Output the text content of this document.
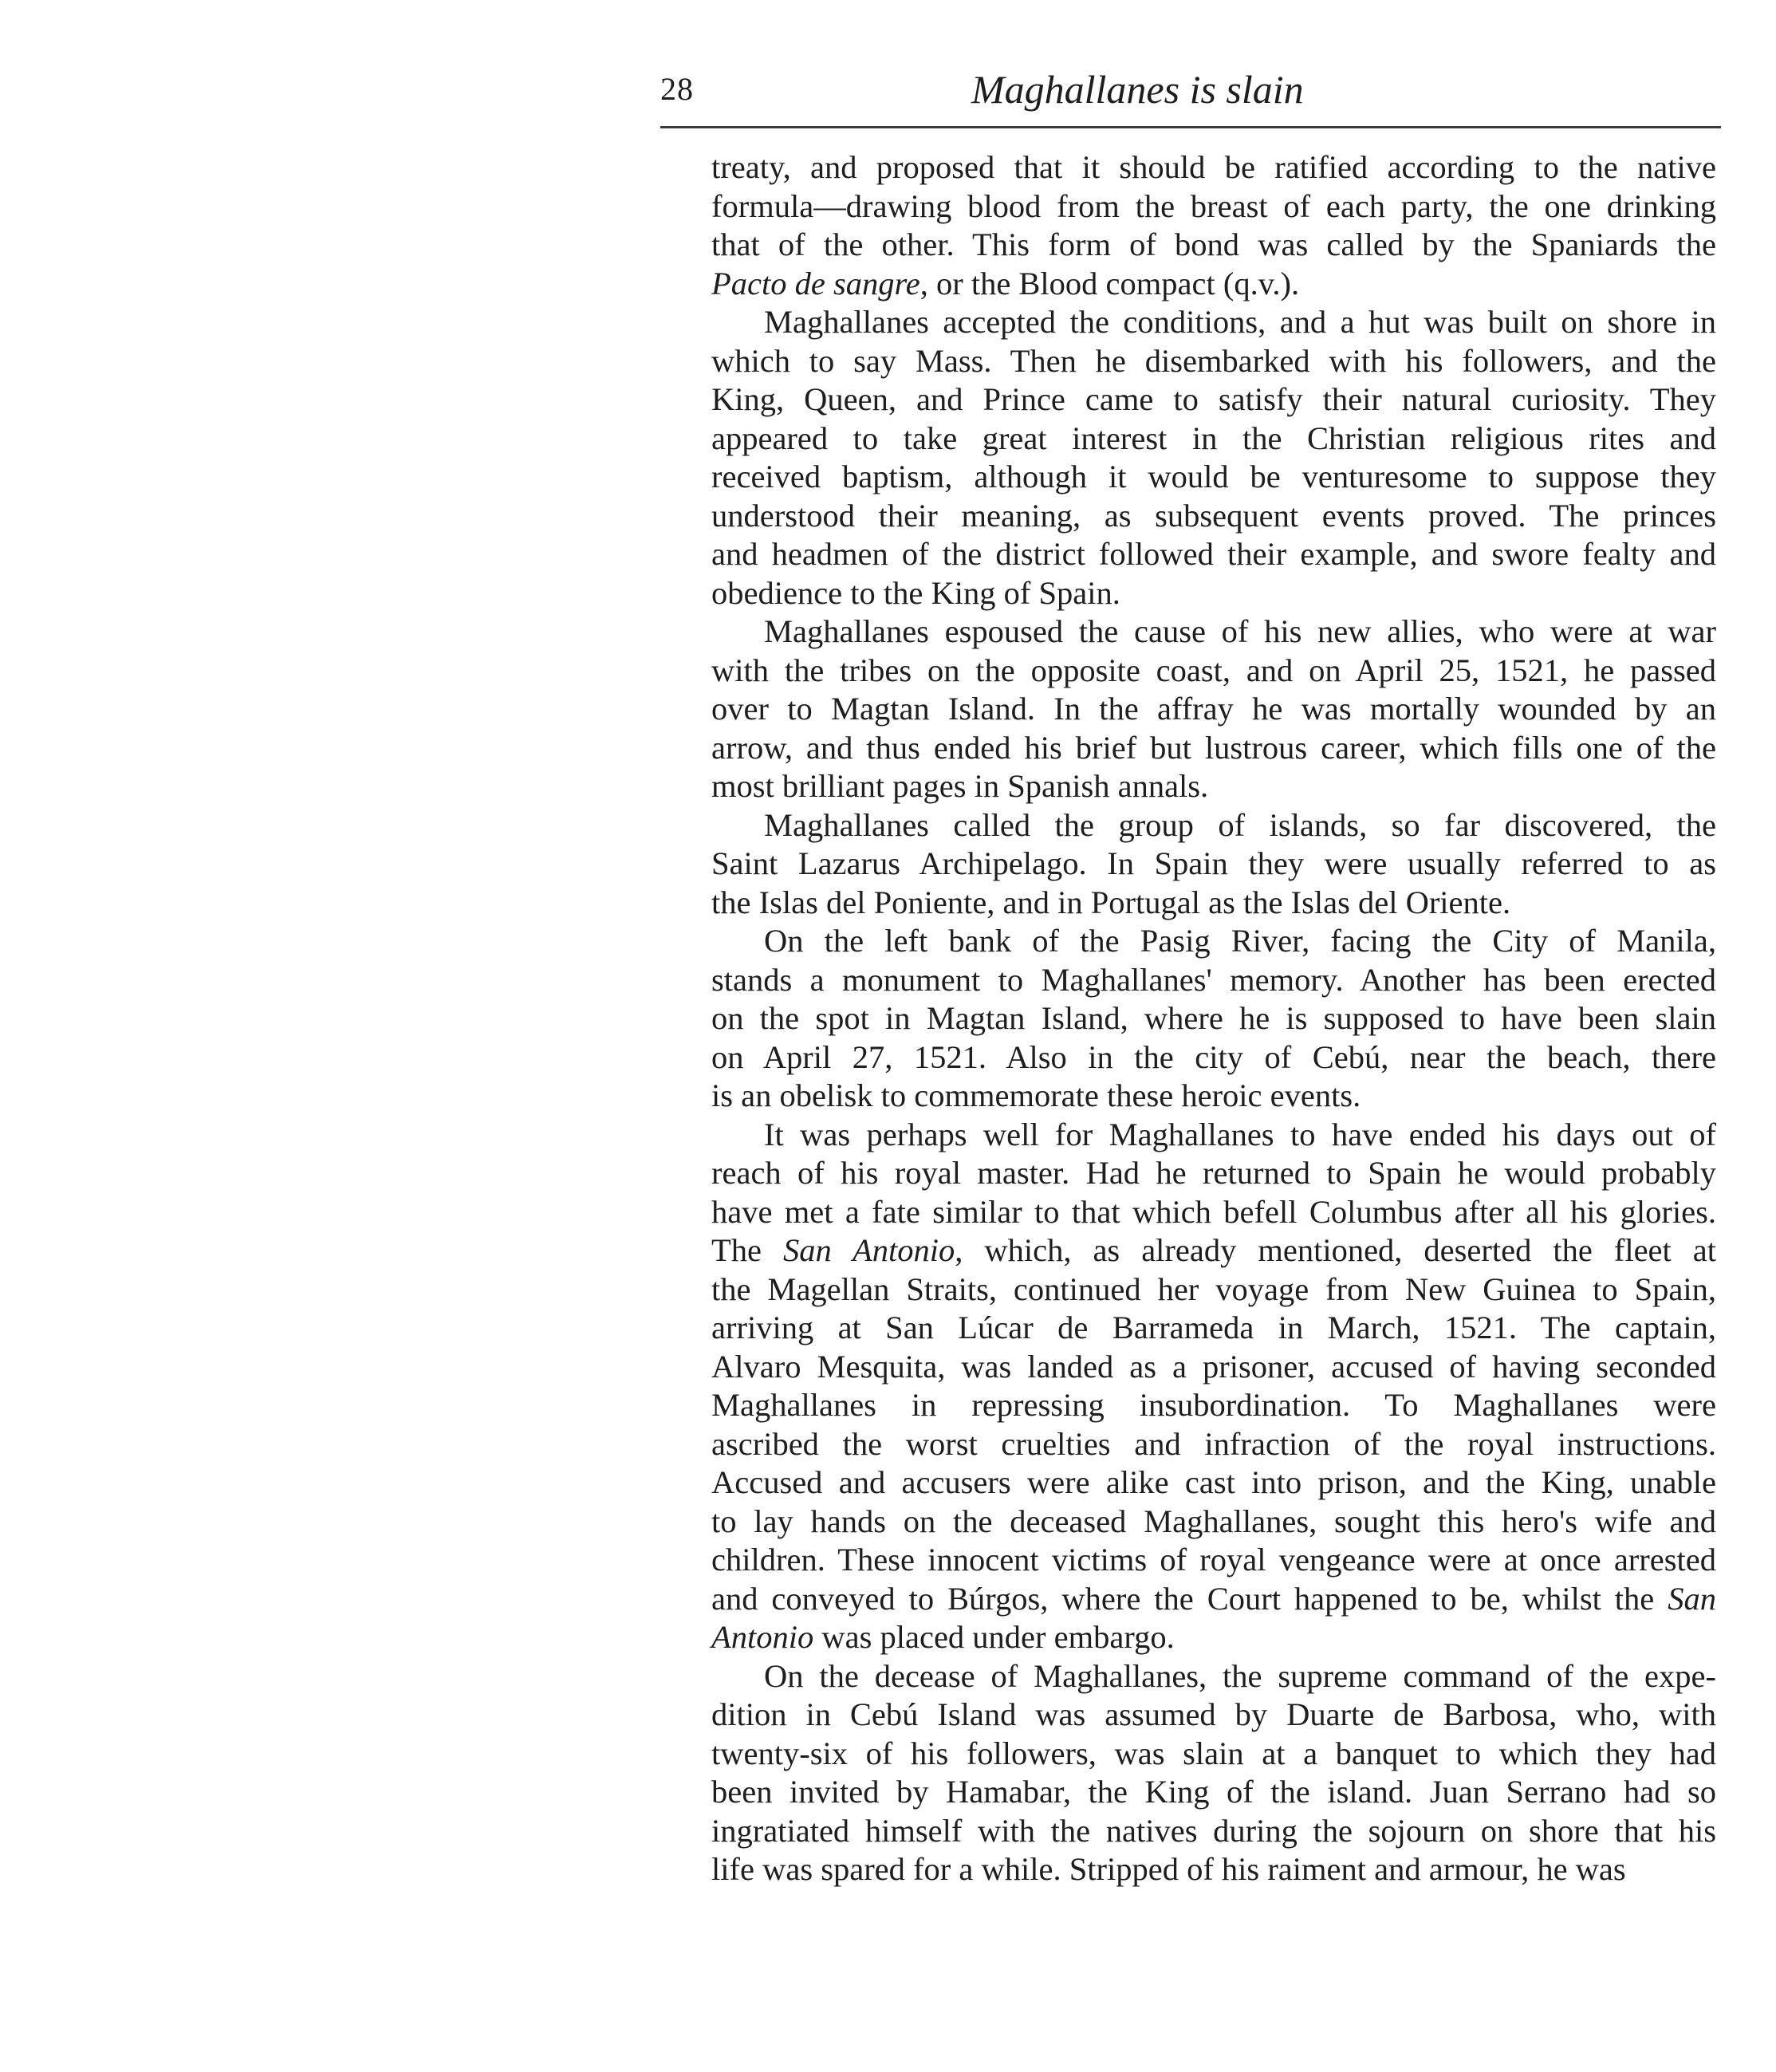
28	Maghallanes is slain
treaty, and proposed that it should be ratified according to the native
formula—drawing blood from the breast of each party, the one drinking
that of the other. This form of bond was called by the Spaniards the
Pacto de sangre, or the Blood compact (q.v.).
Maghallanes accepted the conditions, and a hut was built on shore in
which to say Mass. Then he disembarked with his followers, and the
King, Queen, and Prince came to satisfy their natural curiosity. They
appeared to take great interest in the Christian religious rites and
received baptism, although it would be venturesome to suppose they
understood their meaning, as subsequent events proved. The princes
and headmen of the district followed their example, and swore fealty and
obedience to the King of Spain.
Maghallanes espoused the cause of his new allies, who were at war
with the tribes on the opposite coast, and on April 25, 1521, he passed
over to Magtan Island. In the affray he was mortally wounded by an
arrow, and thus ended his brief but lustrous career, which fills one of the
most brilliant pages in Spanish annals.
Maghallanes called the group of islands, so far discovered, the
Saint Lazarus Archipelago. In Spain they were usually referred to as
the Islas del Poniente, and in Portugal as the Islas del Oriente.
On the left bank of the Pasig River, facing the City of Manila,
stands a monument to Maghallanes' memory. Another has been erected
on the spot in Magtan Island, where he is supposed to have been slain
on April 27, 1521. Also in the city of Cebú, near the beach, there
is an obelisk to commemorate these heroic events.
It was perhaps well for Maghallanes to have ended his days out of
reach of his royal master. Had he returned to Spain he would probably
have met a fate similar to that which befell Columbus after all his glories.
The San Antonio, which, as already mentioned, deserted the fleet at
the Magellan Straits, continued her voyage from New Guinea to Spain,
arriving at San Lúcar de Barrameda in March, 1521. The captain,
Alvaro Mesquita, was landed as a prisoner, accused of having seconded
Maghallanes in repressing insubordination. To Maghallanes were
ascribed the worst cruelties and infraction of the royal instructions.
Accused and accusers were alike cast into prison, and the King, unable
to lay hands on the deceased Maghallanes, sought this hero's wife and
children. These innocent victims of royal vengeance were at once arrested
and conveyed to Búrgos, where the Court happened to be, whilst the San
Antonio was placed under embargo.
On the decease of Maghallanes, the supreme command of the expe-
dition in Cebú Island was assumed by Duarte de Barbosa, who, with
twenty-six of his followers, was slain at a banquet to which they had
been invited by Hamabar, the King of the island. Juan Serrano had so
ingratiated himself with the natives during the sojourn on shore that his
life was spared for a while. Stripped of his raiment and armour, he was
